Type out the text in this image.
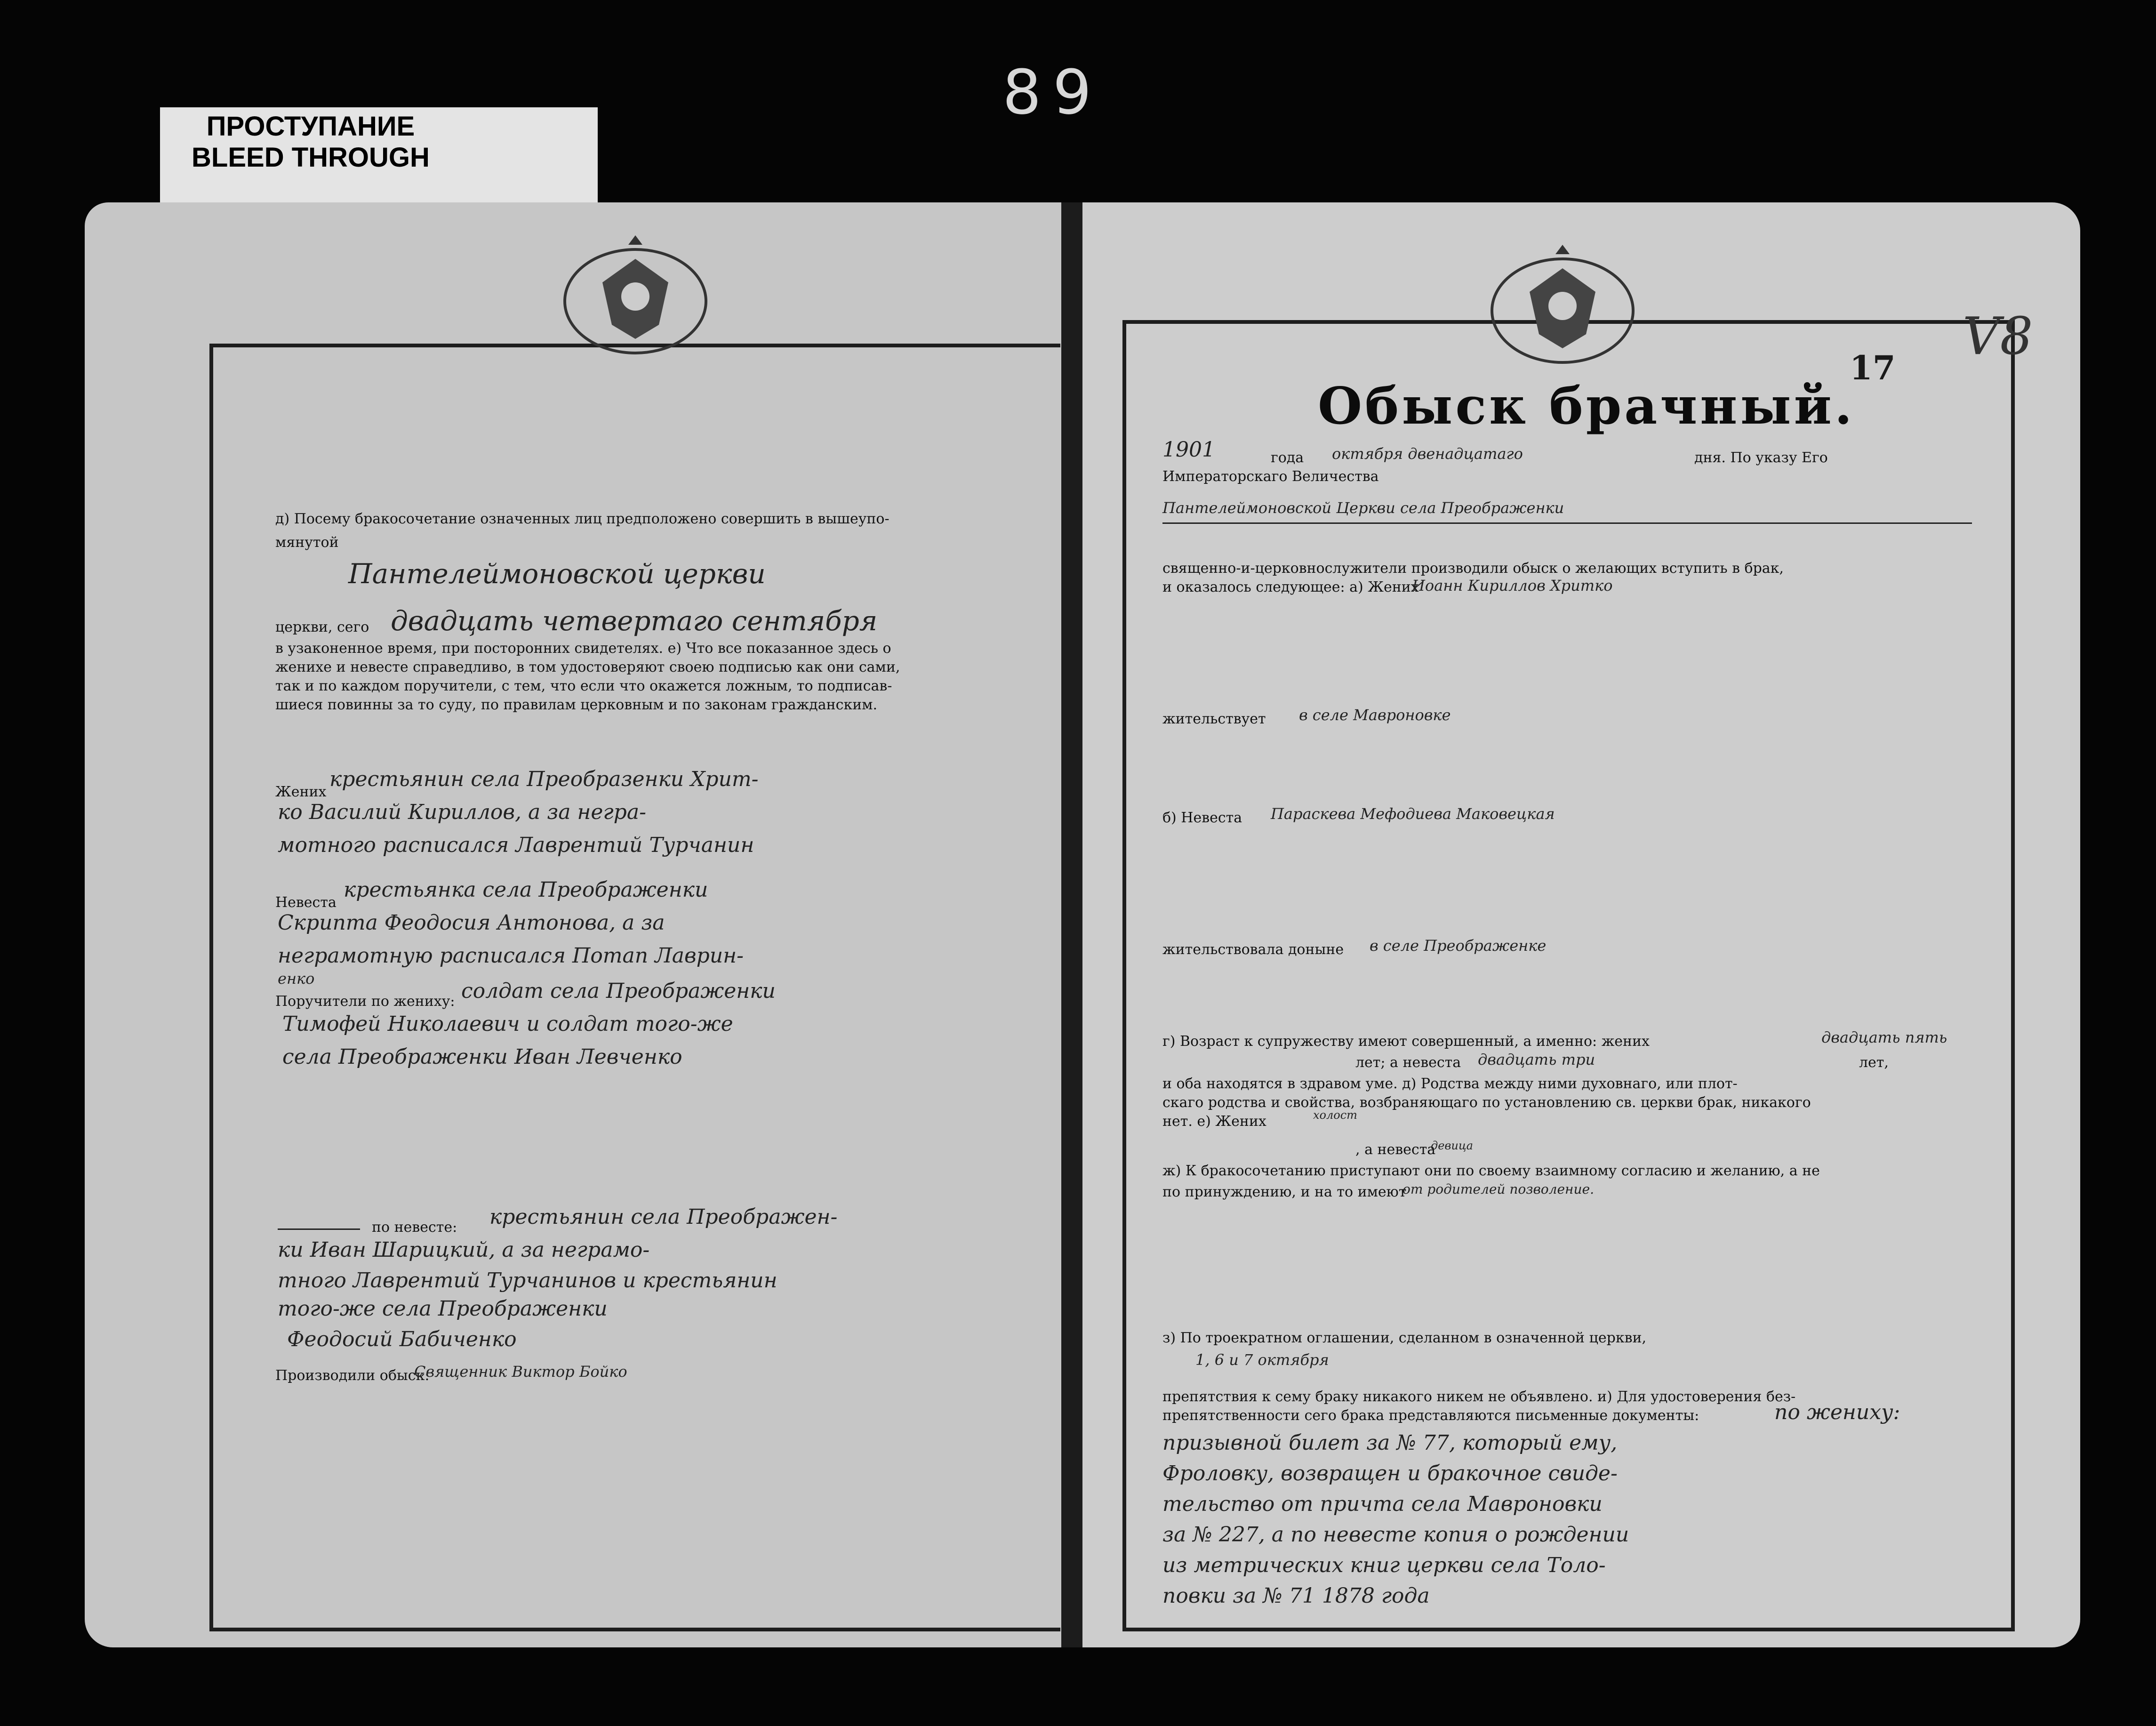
89
ПРОСТУПАНИЕ
BLEED THROUGH
д) Посему бракосочетание означенных лиц предположено совершить в вышеупо-
мянутой
Пантелеймоновской церкви
церкви, сего двадцать четвертаго сентября
в узаконенное время, при посторонних свидетелях. е) Что все показанное здесь о
женихе и невесте справедливо, в том удостоверяют своею подписью как они сами,
так и по каждом поручители, с тем, что если что окажется ложным, то подписав-
шиеся повинны за то суду, по правилам церковным и по законам гражданским.
Жених
крестьянин села Преобразенки Хрит-
ко Василий Кириллов, а за негра-
мотного расписался Лаврентий Турчанин
Невеста
крестьянка села Преображенки
Скрипта Феодосия Антонова, а за
неграмотную расписался Потап Лаврин-
енко
Поручители по жениху: солдат села Преображенки
Тимофей Николаевич и солдат того-же
села Преображенки Иван Левченко
по невесте: крестьянин села Преображен-
ки Иван Шарицкий, а за неграмо-
тного Лаврентий Турчанинов и крестьянин
того-же села Преображенки
Феодосий Бабиченко
Производили обыск:
Священник Виктор Бойко
Обыск брачный.
17
V8
1901	года октября двенадцатаго	дня. По указу Его
Императорскаго Величества
Пантелеймоновской Церкви села Преображенки
священно-и-церковнослужители производили обыск о желающих вступить в брак,
и оказалось следующее: а) Жених
Иоанн Кириллов Хритко
жительствует в селе Мавроновке
б) Невеста Параскева Мефодиева Маковецкая
жительствовала доныне в селе Преображенке
г) Возраст к супружеству имеют совершенный, а именно: жених	двадцать пять
лет; а невеста двадцать три	лет,
и оба находятся в здравом уме. д) Родства между ними духовнаго, или плот-
скаго родства и свойства, возбраняющаго по установлению св. церкви брак, никакого
нет. е) Жених	холост
, а невеста
девица
ж) К бракосочетанию приступают они по своему взаимному согласию и желанию, а не
по принуждению, и на то имеют
от родителей позволение.
з) По троекратном оглашении, сделанном в означенной церкви,
1, 6 и 7 октября
препятствия к сему браку никакого никем не объявлено. и) Для удостоверения без-
препятственности сего брака представляются письменные документы:	по жениху:
призывной билет за № 77, который ему,
Фроловку, возвращен и бракочное свиде-
тельство от причта села Мавроновки
за № 227, а по невесте копия о рождении
из метрических книг церкви села Толо-
повки за № 71 1878 года
